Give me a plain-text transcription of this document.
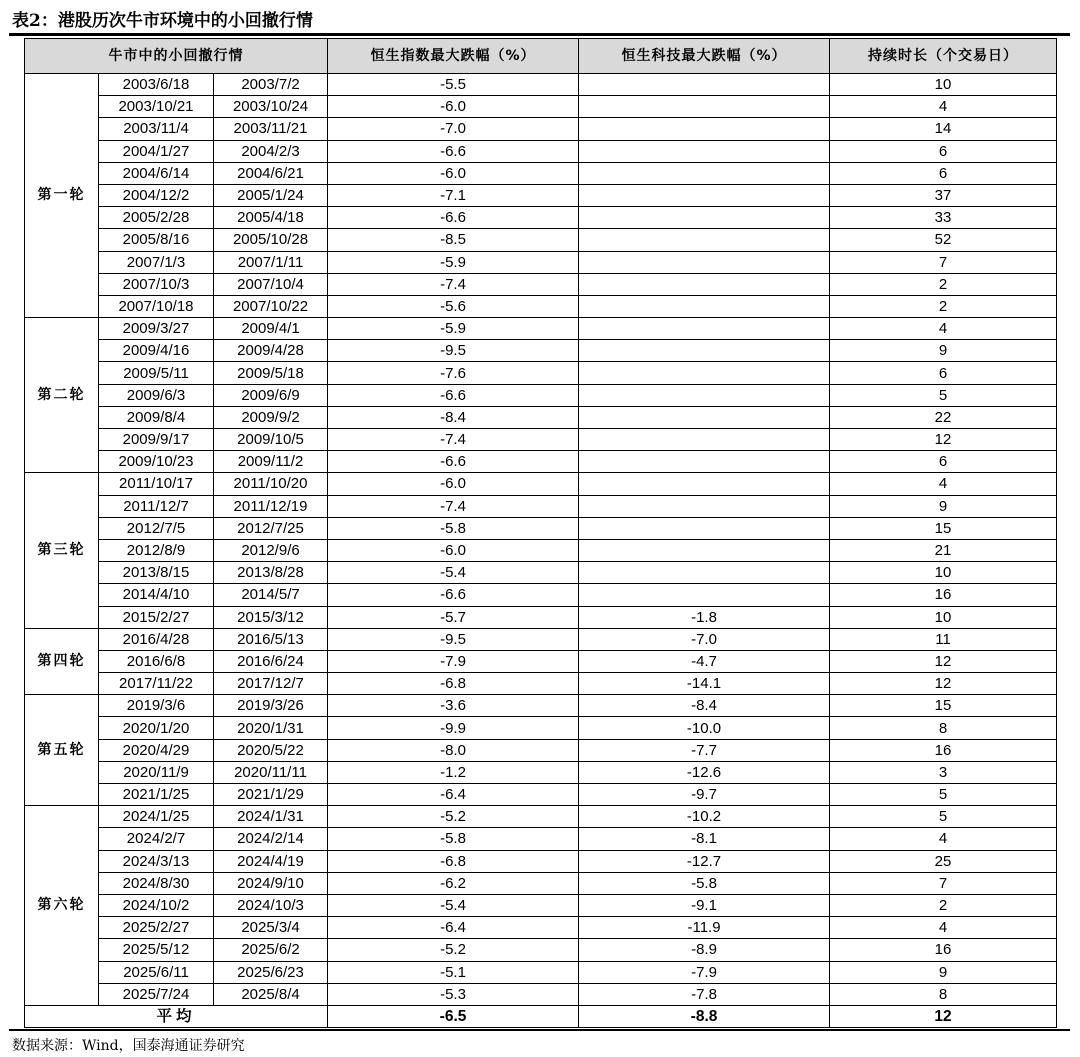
表2：港股历次牛市环境中的小回撤行情
牛市中的小回撤行情			恒生指数最大跌幅（%）	恒生科技最大跌幅（%）	持续时长（个交易日）
第一轮	2003/6/18	2003/7/2	-5.5		10
	2003/10/21	2003/10/24	-6.0		4
	2003/11/4	2003/11/21	-7.0		14
	2004/1/27	2004/2/3	-6.6		6
	2004/6/14	2004/6/21	-6.0		6
	2004/12/2	2005/1/24	-7.1		37
	2005/2/28	2005/4/18	-6.6		33
	2005/8/16	2005/10/28	-8.5		52
	2007/1/3	2007/1/11	-5.9		7
	2007/10/3	2007/10/4	-7.4		2
	2007/10/18	2007/10/22	-5.6		2
第二轮	2009/3/27	2009/4/1	-5.9		4
	2009/4/16	2009/4/28	-9.5		9
	2009/5/11	2009/5/18	-7.6		6
	2009/6/3	2009/6/9	-6.6		5
	2009/8/4	2009/9/2	-8.4		22
	2009/9/17	2009/10/5	-7.4		12
	2009/10/23	2009/11/2	-6.6		6
第三轮	2011/10/17	2011/10/20	-6.0		4
	2011/12/7	2011/12/19	-7.4		9
	2012/7/5	2012/7/25	-5.8		15
	2012/8/9	2012/9/6	-6.0		21
	2013/8/15	2013/8/28	-5.4		10
	2014/4/10	2014/5/7	-6.6		16
	2015/2/27	2015/3/12	-5.7	-1.8	10
第四轮	2016/4/28	2016/5/13	-9.5	-7.0	11
	2016/6/8	2016/6/24	-7.9	-4.7	12
	2017/11/22	2017/12/7	-6.8	-14.1	12
第五轮	2019/3/6	2019/3/26	-3.6	-8.4	15
	2020/1/20	2020/1/31	-9.9	-10.0	8
	2020/4/29	2020/5/22	-8.0	-7.7	16
	2020/11/9	2020/11/11	-1.2	-12.6	3
	2021/1/25	2021/1/29	-6.4	-9.7	5
第六轮	2024/1/25	2024/1/31	-5.2	-10.2	5
	2024/2/7	2024/2/14	-5.8	-8.1	4
	2024/3/13	2024/4/19	-6.8	-12.7	25
	2024/8/30	2024/9/10	-6.2	-5.8	7
	2024/10/2	2024/10/3	-5.4	-9.1	2
	2025/2/27	2025/3/4	-6.4	-11.9	4
	2025/5/12	2025/6/2	-5.2	-8.9	16
	2025/6/11	2025/6/23	-5.1	-7.9	9
	2025/7/24	2025/8/4	-5.3	-7.8	8
平均			-6.5	-8.8	12
数据来源：Wind，国泰海通证券研究
